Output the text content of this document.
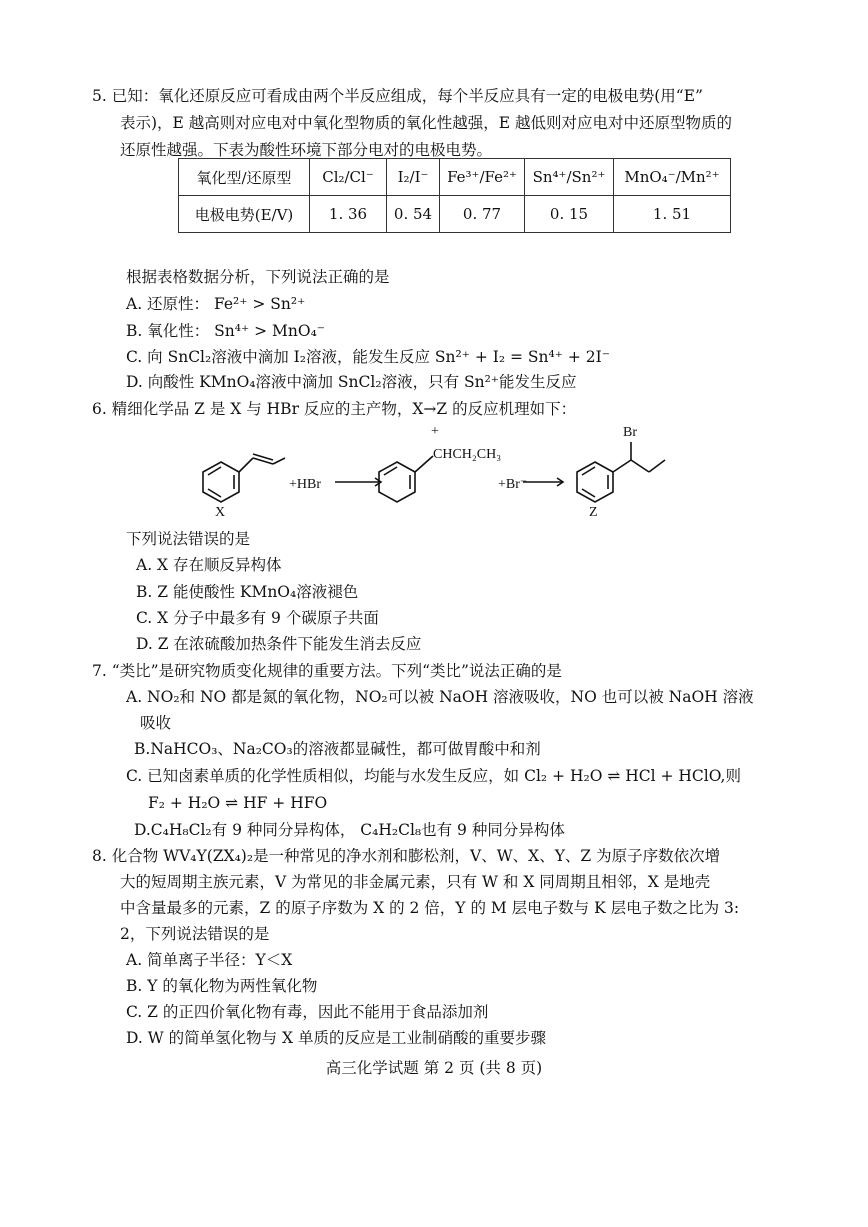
5. 已知：氧化还原反应可看成由两个半反应组成，每个半反应具有一定的电极电势(用“E”
表示)，E 越高则对应电对中氧化型物质的氧化性越强，E 越低则对应电对中还原型物质的
还原性越强。下表为酸性环境下部分电对的电极电势。
氧化型/还原型	Cl₂/Cl⁻	I₂/I⁻	Fe³⁺/Fe²⁺	Sn⁴⁺/Sn²⁺	MnO₄⁻/Mn²⁺
电极电势(E/V)	1. 36	0. 54	0. 77	0. 15	1. 51
根据表格数据分析，下列说法正确的是
A. 还原性： Fe²⁺ > Sn²⁺
B. 氧化性： Sn⁴⁺ > MnO₄⁻
C. 向 SnCl₂溶液中滴加 I₂溶液，能发生反应 Sn²⁺ + I₂ = Sn⁴⁺ + 2I⁻
D. 向酸性 KMnO₄溶液中滴加 SnCl₂溶液，只有 Sn²⁺能发生反应
6. 精细化学品 Z 是 X 与 HBr 反应的主产物，X→Z 的反应机理如下：
X
+HBr
+
CHCH₂CH₃
+Br⁻
Br
Z
下列说法错误的是
A. X 存在顺反异构体
B. Z 能使酸性 KMnO₄溶液褪色
C. X 分子中最多有 9 个碳原子共面
D. Z 在浓硫酸加热条件下能发生消去反应
7. “类比”是研究物质变化规律的重要方法。下列“类比”说法正确的是
A. NO₂和 NO 都是氮的氧化物，NO₂可以被 NaOH 溶液吸收，NO 也可以被 NaOH 溶液
吸收
B.NaHCO₃、Na₂CO₃的溶液都显碱性，都可做胃酸中和剂
C. 已知卤素单质的化学性质相似，均能与水发生反应，如 Cl₂ + H₂O ⇌ HCl + HClO,则
F₂ + H₂O ⇌ HF + HFO
D.C₄H₈Cl₂有 9 种同分异构体， C₄H₂Cl₈也有 9 种同分异构体
8. 化合物 WV₄Y(ZX₄)₂是一种常见的净水剂和膨松剂，V、W、X、Y、Z 为原子序数依次增
大的短周期主族元素，V 为常见的非金属元素，只有 W 和 X 同周期且相邻，X 是地壳
中含量最多的元素，Z 的原子序数为 X 的 2 倍，Y 的 M 层电子数与 K 层电子数之比为 3:
2，下列说法错误的是
A. 简单离子半径：Y＜X
B. Y 的氧化物为两性氧化物
C. Z 的正四价氧化物有毒，因此不能用于食品添加剂
D. W 的简单氢化物与 X 单质的反应是工业制硝酸的重要步骤
高三化学试题 第 2 页 (共 8 页)
